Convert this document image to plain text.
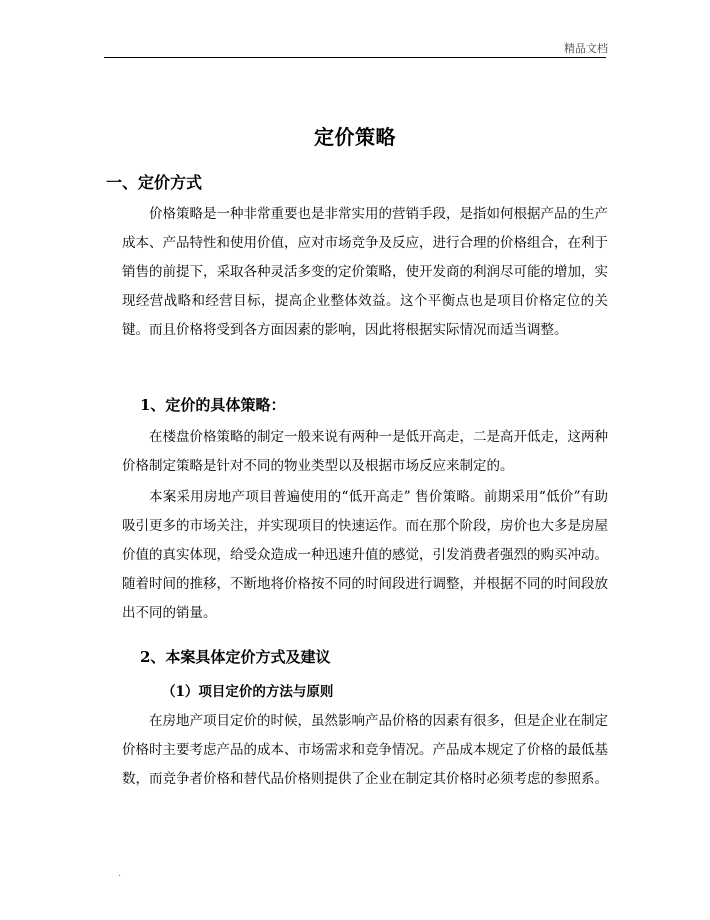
精品文档
定价策略
一、定价方式

价格策略是一种非常重要也是非常实用的营销手段，是指如何根据产品的生产成本、产品特性和使用价值，应对市场竞争及反应，进行合理的价格组合，在利于销售的前提下，采取各种灵活多变的定价策略，使开发商的利润尽可能的增加，实现经营战略和经营目标，提高企业整体效益。这个平衡点也是项目价格定位的关键。而且价格将受到各方面因素的影响，因此将根据实际情况而适当调整。

1、定价的具体策略：

在楼盘价格策略的制定一般来说有两种一是低开高走，二是高开低走，这两种价格制定策略是针对不同的物业类型以及根据市场反应来制定的。

本案采用房地产项目普遍使用的“低开高走” 售价策略。前期采用“低价”有助吸引更多的市场关注，并实现项目的快速运作。而在那个阶段，房价也大多是房屋价值的真实体现，给受众造成一种迅速升值的感觉，引发消费者强烈的购买冲动。随着时间的推移，不断地将价格按不同的时间段进行调整，并根据不同的时间段放出不同的销量。

2、本案具体定价方式及建议
（1）项目定价的方法与原则

在房地产项目定价的时候，虽然影响产品价格的因素有很多，但是企业在制定价格时主要考虑产品的成本、市场需求和竞争情况。产品成本规定了价格的最低基数，而竞争者价格和替代品价格则提供了企业在制定其价格时必须考虑的参照系。

.
